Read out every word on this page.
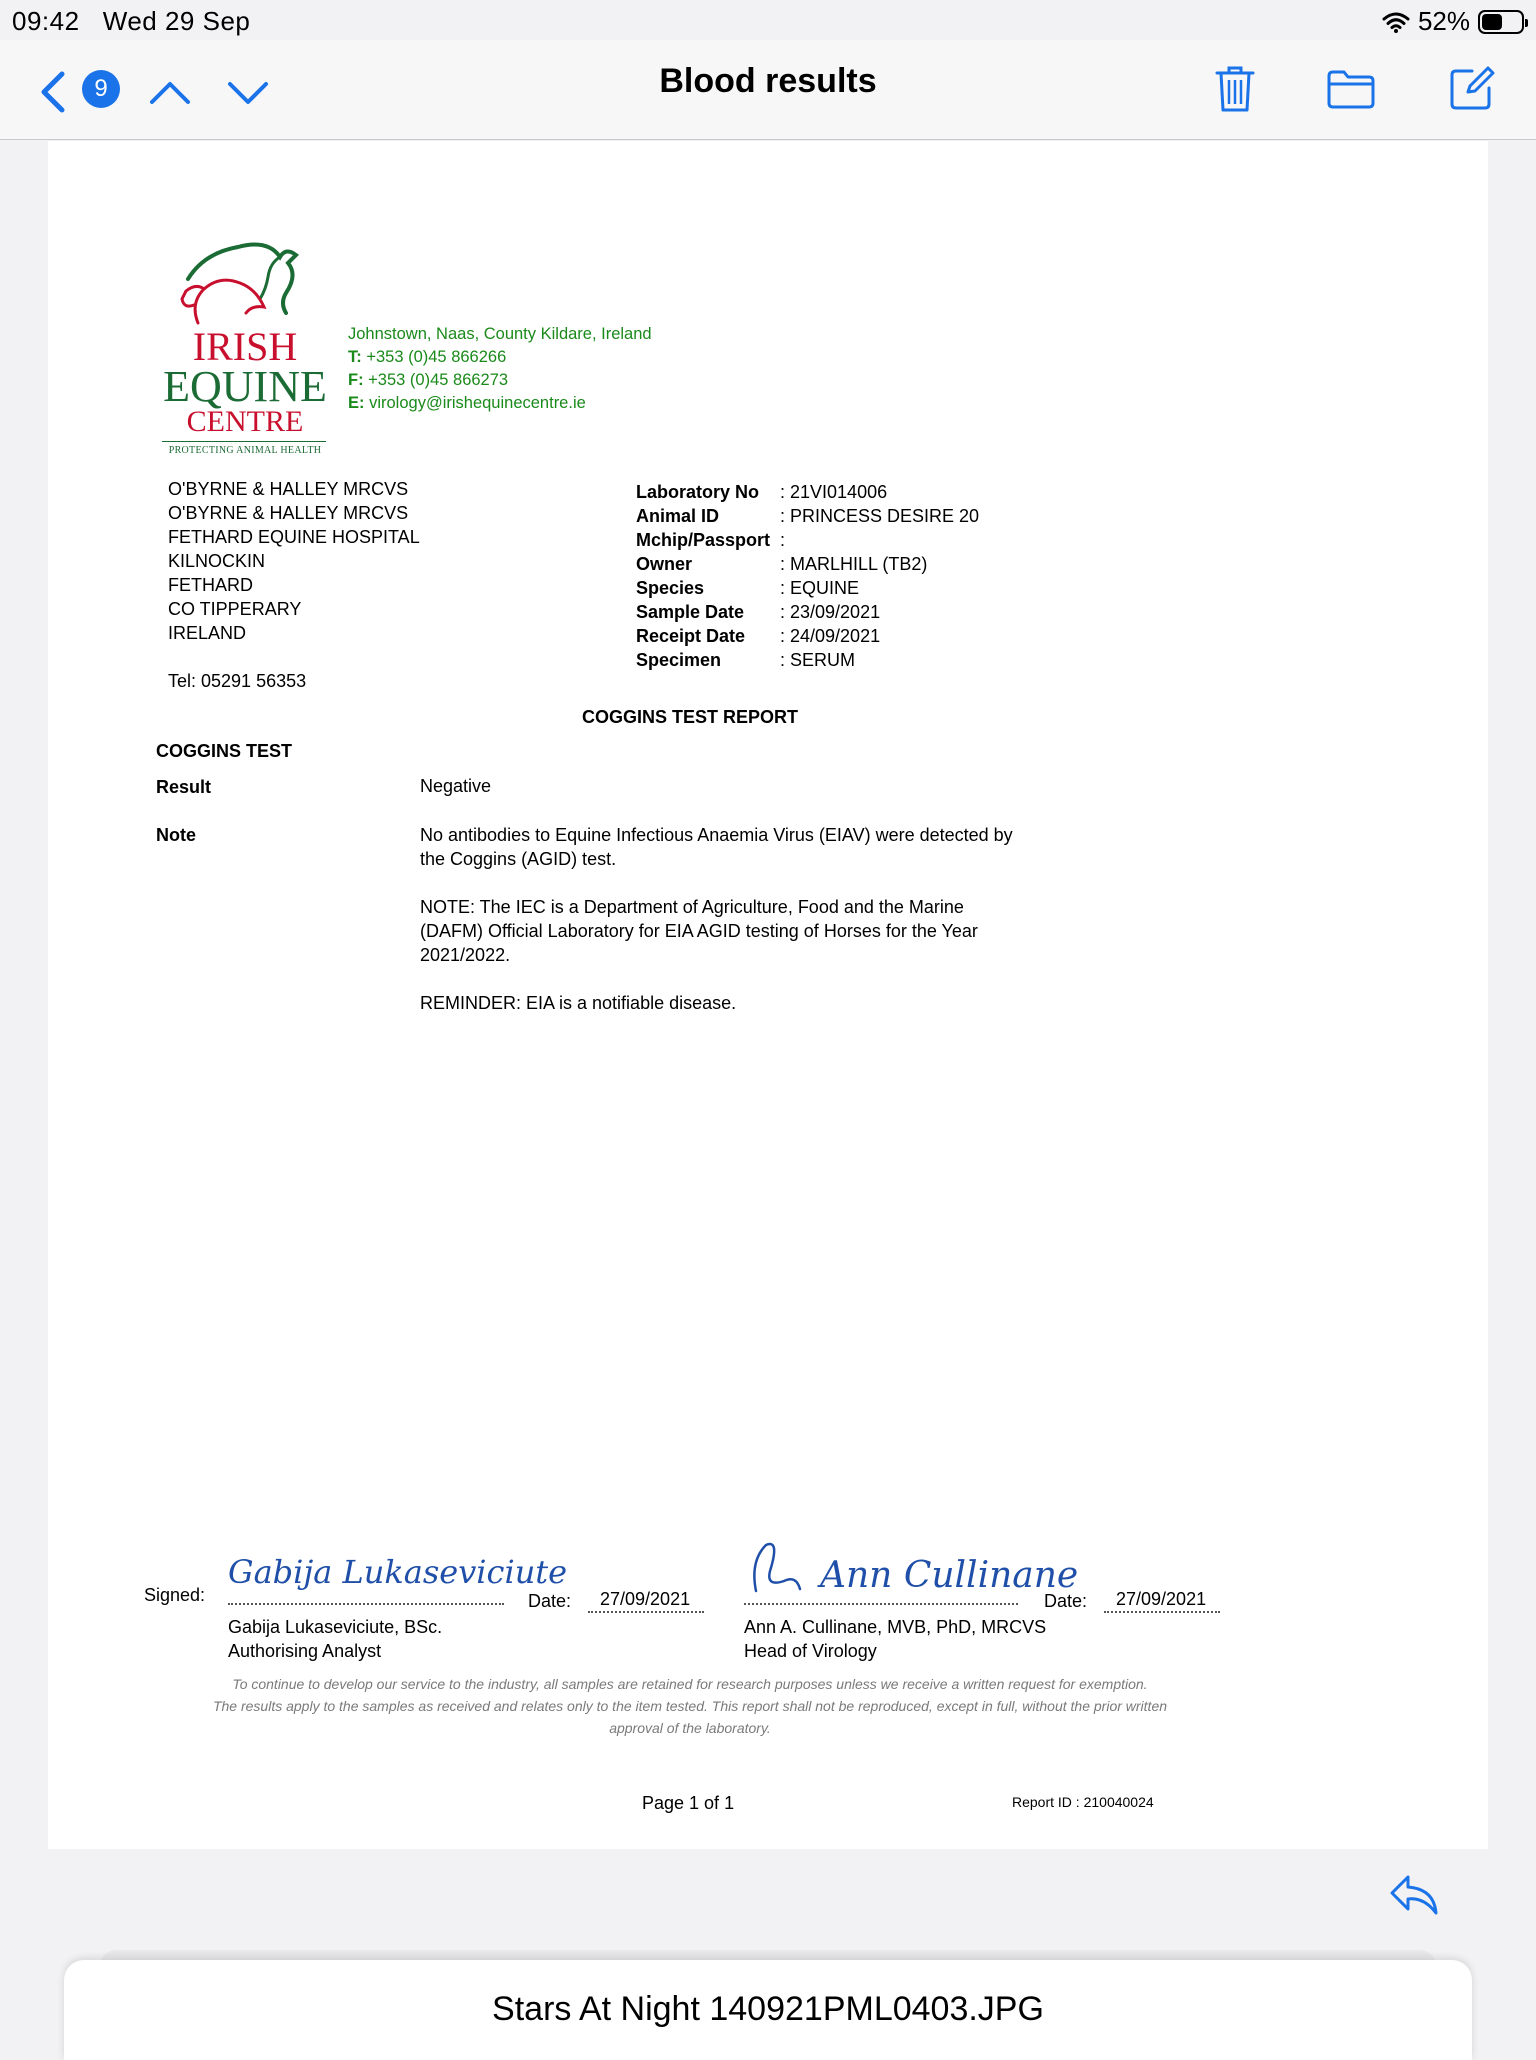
09:42 Wed 29 Sep	52%
9	Blood results
IRISH
EQUINE
CENTRE
PROTECTING ANIMAL HEALTH
Johnstown, Naas, County Kildare, Ireland
T: +353 (0)45 866266
F: +353 (0)45 866273
E: virology@irishequinecentre.ie
O'BYRNE & HALLEY MRCVS
O'BYRNE & HALLEY MRCVS
FETHARD EQUINE HOSPITAL
KILNOCKIN
FETHARD
CO TIPPERARY
IRELAND
Tel: 05291 56353
Laboratory No	: 21VI014006
Animal ID	: PRINCESS DESIRE 20
Mchip/Passport :
Owner	: MARLHILL (TB2)
Species	: EQUINE
Sample Date	: 23/09/2021
Receipt Date	: 24/09/2021
Specimen	: SERUM
COGGINS TEST REPORT
COGGINS TEST
Result	Negative
Note	No antibodies to Equine Infectious Anaemia Virus (EIAV) were detected by the Coggins (AGID) test.

NOTE: The IEC is a Department of Agriculture, Food and the Marine (DAFM) Official Laboratory for EIA AGID testing of Horses for the Year 2021/2022.

REMINDER: EIA is a notifiable disease.

Signed:
Gabija Lukaseviciute
Gabija Lukaseviciute, BSc.
Authorising Analyst
Date: 27/09/2021
Ann Cullinane
Ann A. Cullinane, MVB, PhD, MRCVS
Head of Virology
Date: 27/09/2021
To continue to develop our service to the industry, all samples are retained for research purposes unless we receive a written request for exemption.
The results apply to the samples as received and relates only to the item tested. This report shall not be reproduced, except in full, without the prior written approval of the laboratory.
Page 1 of 1	Report ID : 210040024
Stars At Night 140921PML0403.JPG
